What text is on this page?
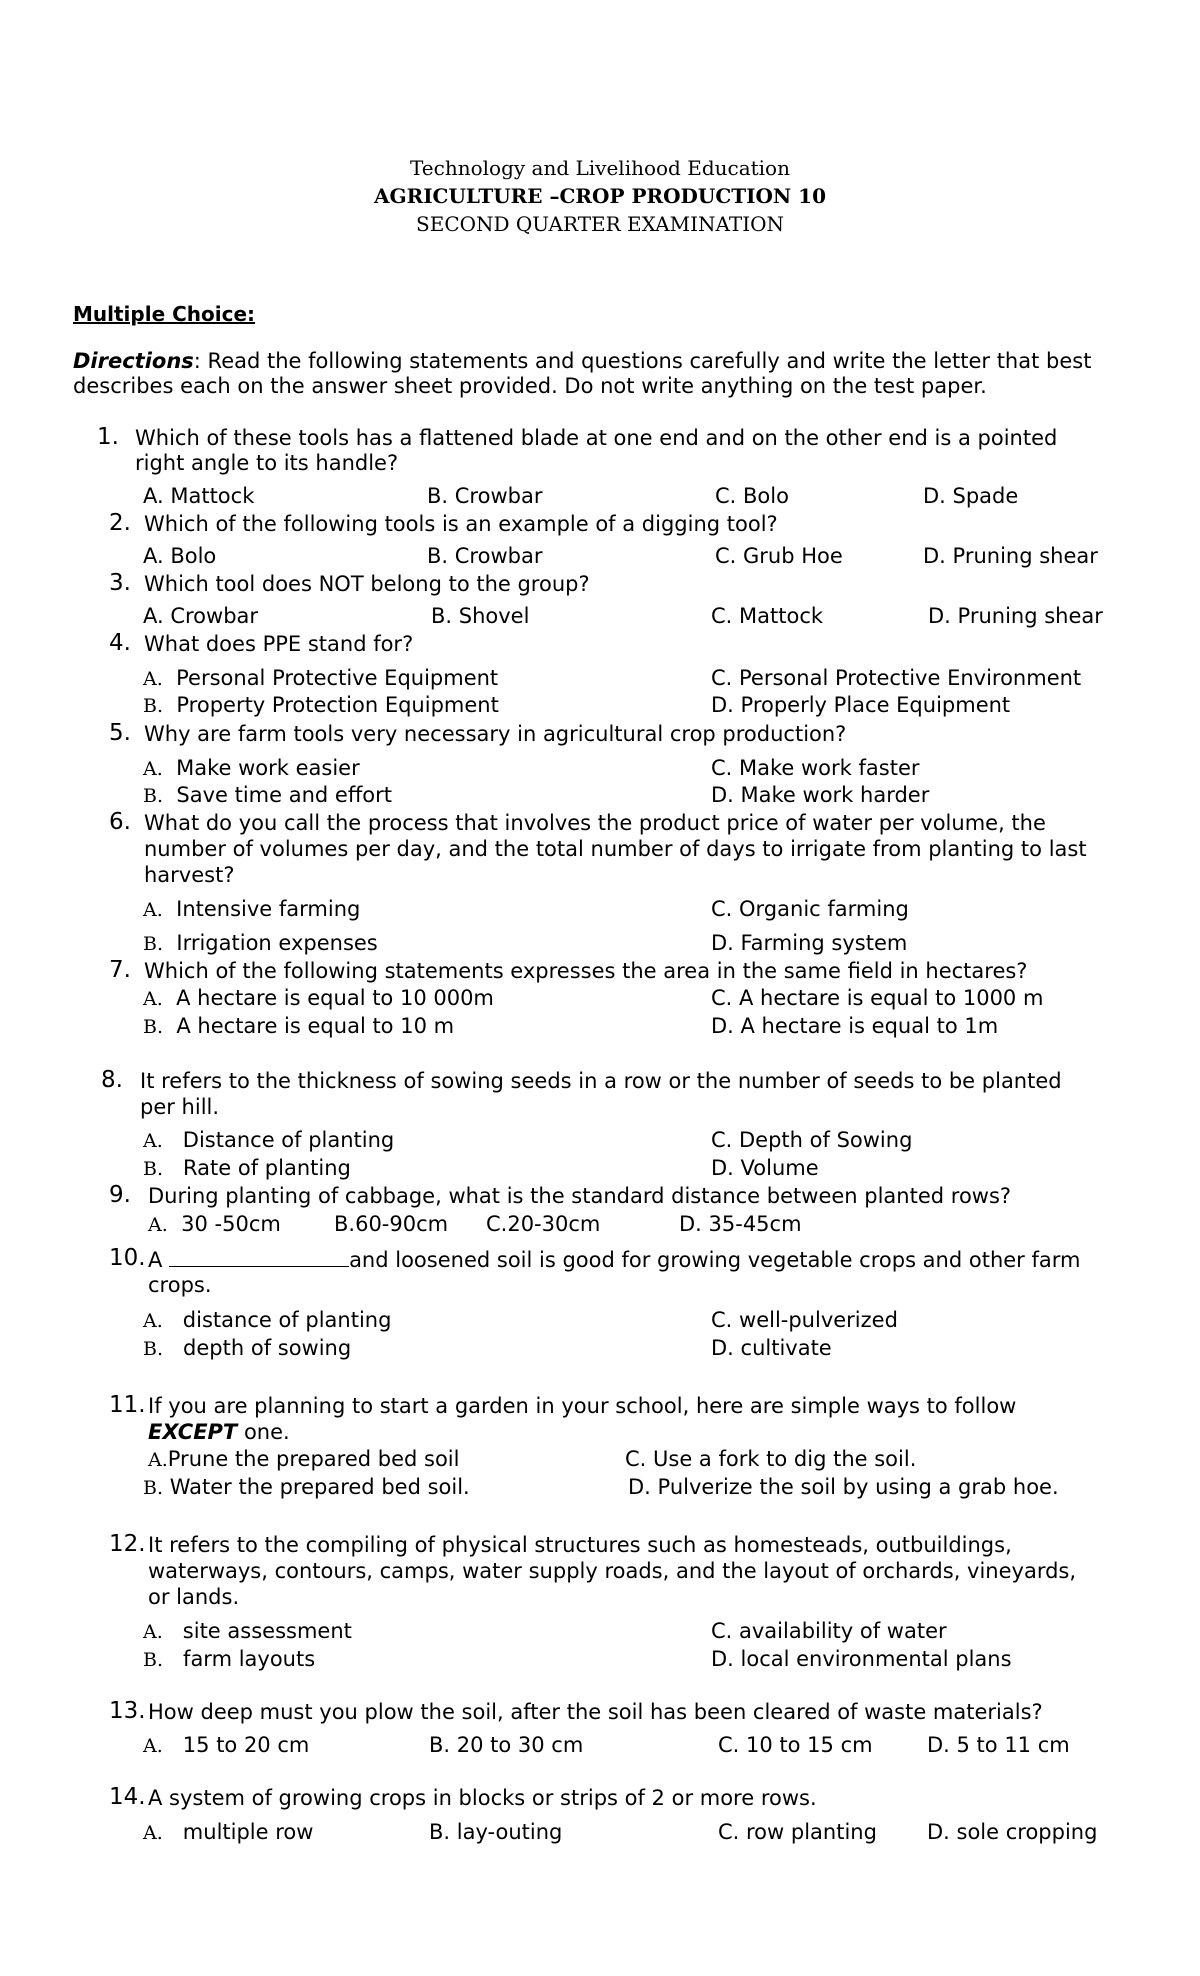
Technology and Livelihood Education
AGRICULTURE –CROP PRODUCTION 10
SECOND QUARTER EXAMINATION
Multiple Choice:
Directions: Read the following statements and questions carefully and write the letter that best
describes each on the answer sheet provided. Do not write anything on the test paper.
1. Which of these tools has a flattened blade at one end and on the other end is a pointed
right angle to its handle?
A. Mattock	B. Crowbar	C. Bolo	D. Spade
2. Which of the following tools is an example of a digging tool?
A. Bolo	B. Crowbar	C. Grub Hoe	D. Pruning shear
3. Which tool does NOT belong to the group?
A. Crowbar	B. Shovel	C. Mattock	D. Pruning shear
4. What does PPE stand for?
A. Personal Protective Equipment
B. Property Protection Equipment
C. Personal Protective Environment
D. Properly Place Equipment
5. Why are farm tools very necessary in agricultural crop production?
A. Make work easier
B. Save time and effort
C. Make work faster
D. Make work harder
6. What do you call the process that involves the product price of water per volume, the
number of volumes per day, and the total number of days to irrigate from planting to last
harvest?
A. Intensive farming
B. Irrigation expenses
C. Organic farming
D. Farming system
7. Which of the following statements expresses the area in the same field in hectares?
A. A hectare is equal to 10 000m
B. A hectare is equal to 10 m
C. A hectare is equal to 1000 m
D. A hectare is equal to 1m
8. It refers to the thickness of sowing seeds in a row or the number of seeds to be planted
per hill.
A. Distance of planting
B. Rate of planting
C. Depth of Sowing
D. Volume
9. During planting of cabbage, what is the standard distance between planted rows?
A. 30 -50cm	B.60-90cm C.20-30cm	D. 35-45cm
10. A	and loosened soil is good for growing vegetable crops and other farm
crops.
A. distance of planting
B. depth of sowing
C. well-pulverized
D. cultivate
11. If you are planning to start a garden in your school, here are simple ways to follow
EXCEPT one.
A.Prune the prepared bed soil
B. Water the prepared bed soil.
C. Use a fork to dig the soil.
D. Pulverize the soil by using a grab hoe.
12. It refers to the compiling of physical structures such as homesteads, outbuildings,
waterways, contours, camps, water supply roads, and the layout of orchards, vineyards,
or lands.
A. site assessment
B. farm layouts
C. availability of water
D. local environmental plans
13. How deep must you plow the soil, after the soil has been cleared of waste materials?
A. 15 to 20 cm	B. 20 to 30 cm	C. 10 to 15 cm	D. 5 to 11 cm
14. A system of growing crops in blocks or strips of 2 or more rows.
A. multiple row	B. lay-outing	C. row planting D. sole cropping
